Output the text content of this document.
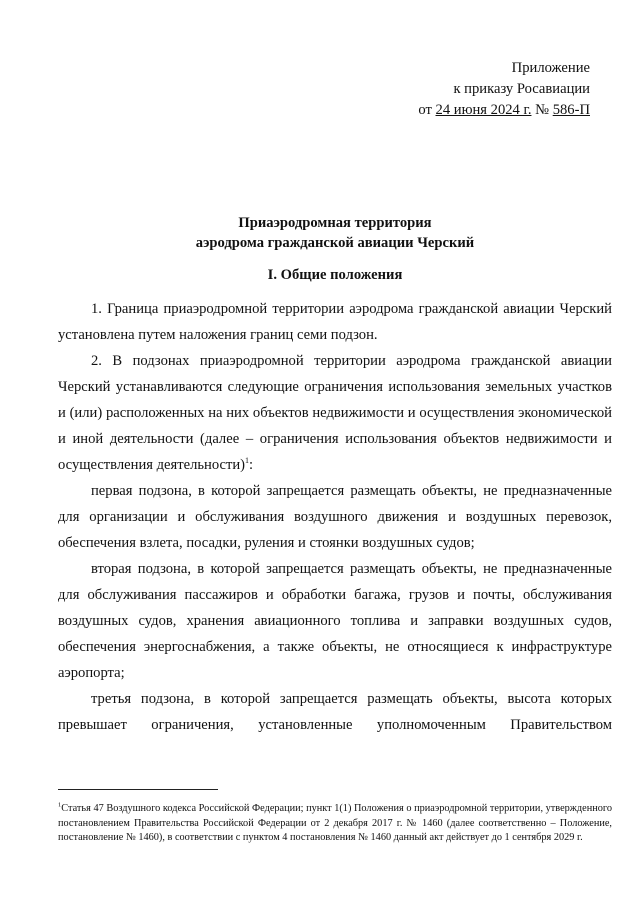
Приложение
к приказу Росавиации
от 24 июня 2024 г. № 586-П
Приаэродромная территория
аэродрома гражданской авиации Черский
I. Общие положения

1. Граница приаэродромной территории аэродрома гражданской авиации Черский установлена путем наложения границ семи подзон.

2. В подзонах приаэродромной территории аэродрома гражданской авиации Черский устанавливаются следующие ограничения использования земельных участков и (или) расположенных на них объектов недвижимости и осуществления экономической и иной деятельности (далее – ограничения использования объектов недвижимости и осуществления деятельности)$^1$:

первая подзона, в которой запрещается размещать объекты, не предназначенные для организации и обслуживания воздушного движения и воздушных перевозок, обеспечения взлета, посадки, руления и стоянки воздушных судов;

вторая подзона, в которой запрещается размещать объекты, не предназначенные для обслуживания пассажиров и обработки багажа, грузов и почты, обслуживания воздушных судов, хранения авиационного топлива и заправки воздушных судов, обеспечения энергоснабжения, а также объекты, не относящиеся к инфраструктуре аэропорта;

третья подзона, в которой запрещается размещать объекты, высота которых превышает ограничения, установленные уполномоченным Правительством

$^1$Статья 47 Воздушного кодекса Российской Федерации; пункт 1(1) Положения о приаэродромной территории, утвержденного постановлением Правительства Российской Федерации от 2 декабря 2017 г. № 1460 (далее соответственно – Положение, постановление № 1460), в соответствии с пунктом 4 постановления № 1460 данный акт действует до 1 сентября 2029 г.
